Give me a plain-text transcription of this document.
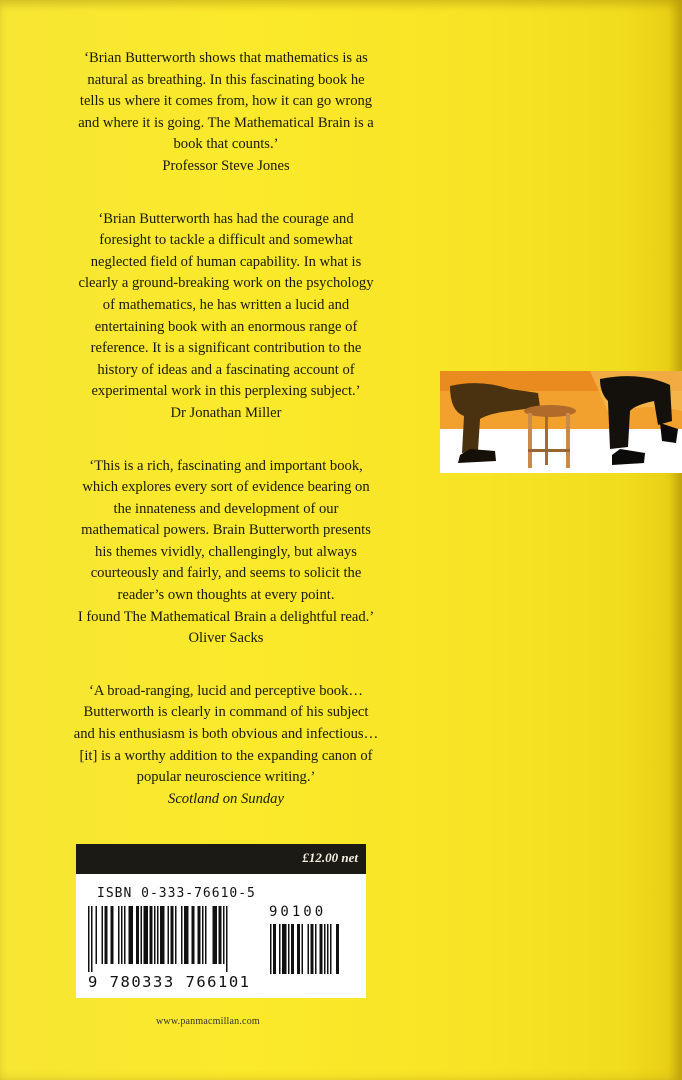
‘Brian Butterworth shows that mathematics is as

natural as breathing. In this fascinating book he

tells us where it comes from, how it can go wrong

and where it is going. The Mathematical Brain is a

book that counts.’

Professor Steve Jones

‘Brian Butterworth has had the courage and

foresight to tackle a difficult and somewhat

neglected field of human capability. In what is

clearly a ground-breaking work on the psychology

of mathematics, he has written a lucid and

entertaining book with an enormous range of

reference. It is a significant contribution to the

history of ideas and a fascinating account of

experimental work in this perplexing subject.’

Dr Jonathan Miller

‘This is a rich, fascinating and important book,

which explores every sort of evidence bearing on

the innateness and development of our

mathematical powers. Brain Butterworth presents

his themes vividly, challengingly, but always

courteously and fairly, and seems to solicit the

reader’s own thoughts at every point.

I found The Mathematical Brain a delightful read.’

Oliver Sacks

‘A broad-ranging, lucid and perceptive book…

Butterworth is clearly in command of his subject

and his enthusiasm is both obvious and infectious…

[it] is a worthy addition to the expanding canon of

popular neuroscience writing.’

Scotland on Sunday

£12.00 net
ISBN 0-333-76610-5
90100
9 780333 766101
www.panmacmillan.com
